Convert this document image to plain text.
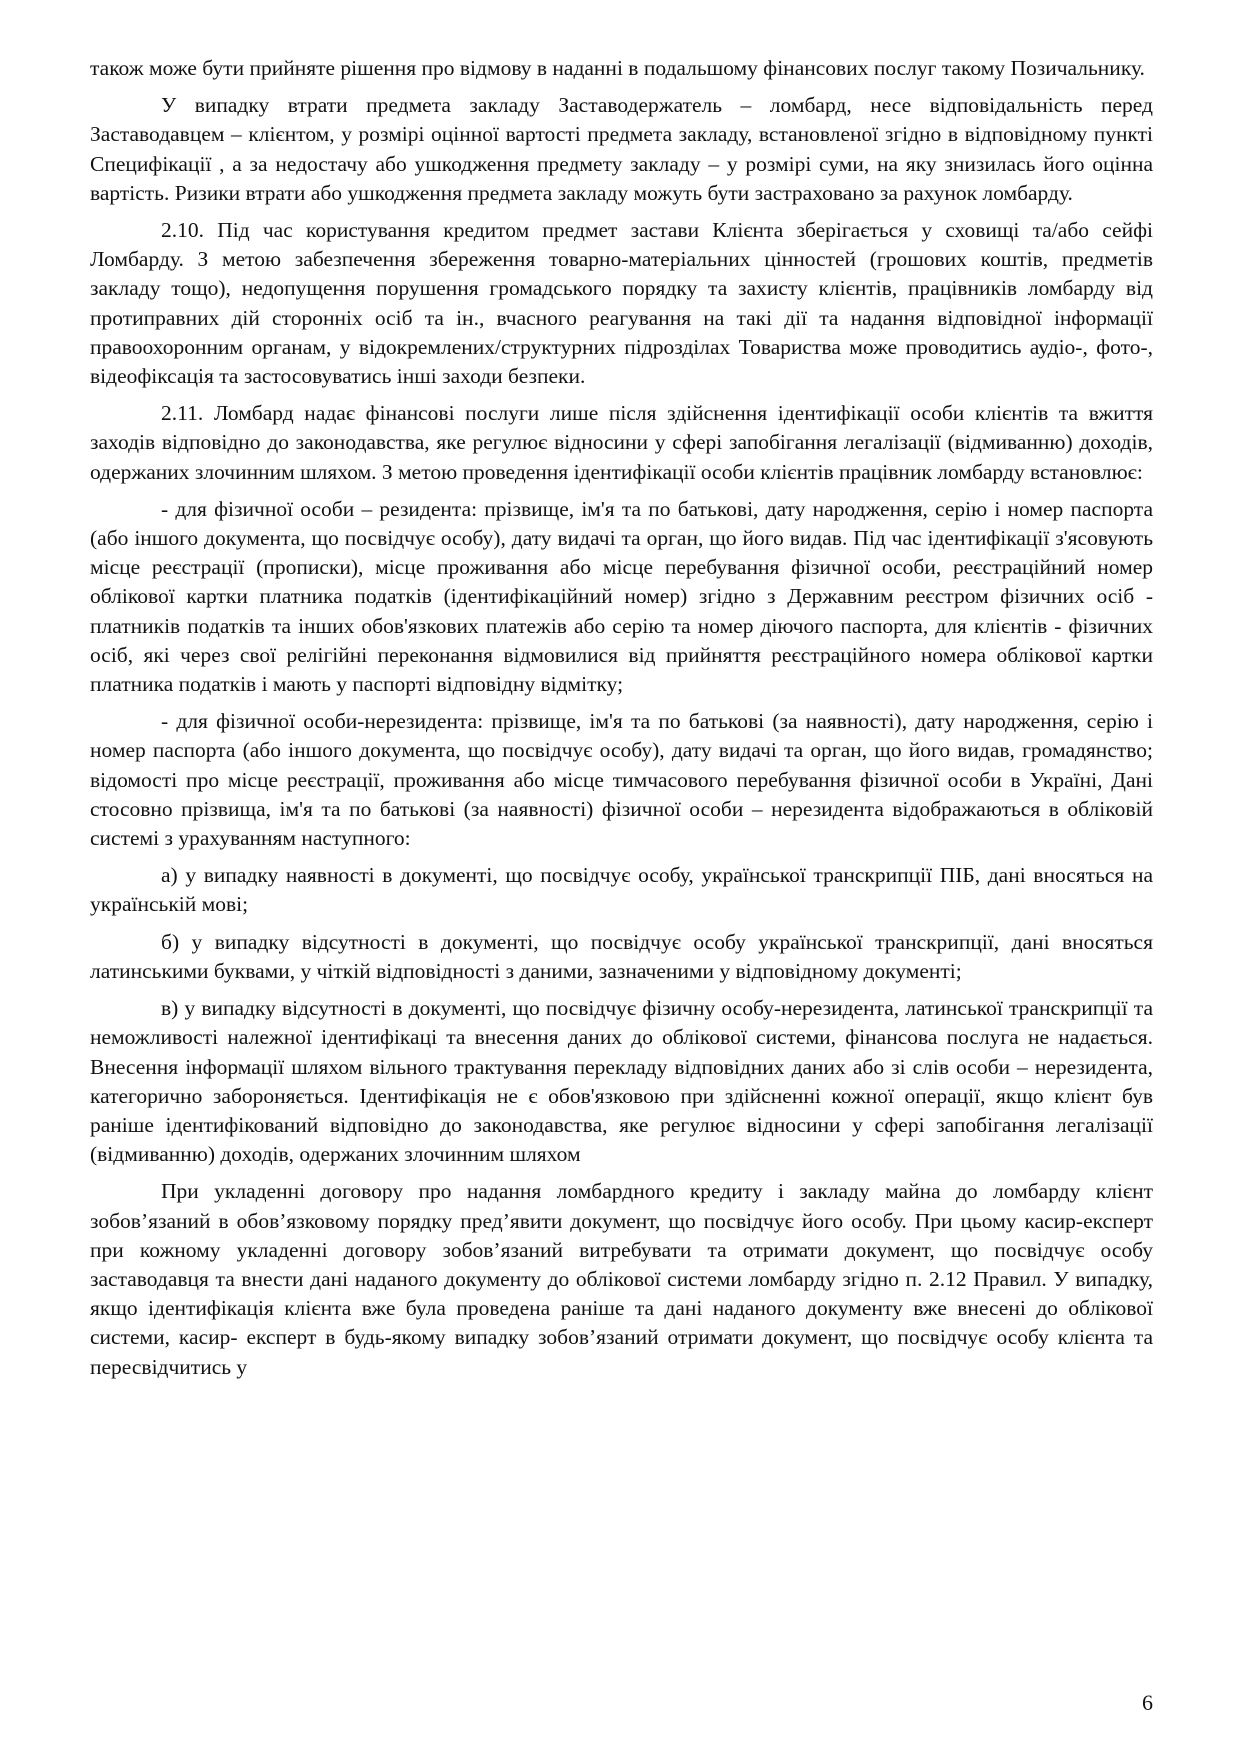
також може бути прийняте рішення про відмову в наданні в подальшому фінансових послуг такому Позичальнику.

У випадку втрати предмета закладу Заставодержатель – ломбард, несе відповідальність перед Заставодавцем – клієнтом, у розмірі оцінної вартості предмета закладу, встановленої згідно в відповідному пункті Специфікації , а за недостачу або ушкодження предмету закладу – у розмірі суми, на яку знизилась його оцінна вартість. Ризики втрати або ушкодження предмета закладу можуть бути застраховано за рахунок ломбарду.

2.10. Під час користування кредитом предмет застави Клієнта зберігається у сховищі та/або сейфі Ломбарду. З метою забезпечення збереження товарно-матеріальних цінностей (грошових коштів, предметів закладу тощо), недопущення порушення громадського порядку та захисту клієнтів, працівників ломбарду від протиправних дій сторонніх осіб та ін., вчасного реагування на такі дії та надання відповідної інформації правоохоронним органам, у відокремлених/структурних підрозділах Товариства може проводитись аудіо-, фото-, відеофіксація та застосовуватись інші заходи безпеки.

2.11. Ломбард надає фінансові послуги лише після здійснення ідентифікації особи клієнтів та вжиття заходів відповідно до законодавства, яке регулює відносини у сфері запобігання легалізації (відмиванню) доходів, одержаних злочинним шляхом. З метою проведення ідентифікації особи клієнтів працівник ломбарду встановлює:

- для фізичної особи – резидента: прізвище, ім'я та по батькові, дату народження, серію і номер паспорта (або іншого документа, що посвідчує особу), дату видачі та орган, що його видав. Під час ідентифікації з'ясовують місце реєстрації (прописки), місце проживання або місце перебування фізичної особи, реєстраційний номер облікової картки платника податків (ідентифікаційний номер) згідно з Державним реєстром фізичних осіб - платників податків та інших обов'язкових платежів або серію та номер діючого паспорта, для клієнтів - фізичних осіб, які через свої релігійні переконання відмовилися від прийняття реєстраційного номера облікової картки платника податків і мають у паспорті відповідну відмітку;

- для фізичної особи-нерезидента: прізвище, ім'я та по батькові (за наявності), дату народження, серію і номер паспорта (або іншого документа, що посвідчує особу), дату видачі та орган, що його видав, громадянство; відомості про місце реєстрації, проживання або місце тимчасового перебування фізичної особи в Україні, Дані стосовно прізвища, ім'я та по батькові (за наявності) фізичної особи – нерезидента відображаються в обліковій системі з урахуванням наступного:

а) у випадку наявності в документі, що посвідчує особу, української транскрипції ПІБ, дані вносяться на українській мові;

б) у випадку відсутності в документі, що посвідчує особу української транскрипції, дані вносяться латинськими буквами, у чіткій відповідності з даними, зазначеними у відповідному документі;

в) у випадку відсутності в документі, що посвідчує фізичну особу-нерезидента, латинської транскрипції та неможливості належної ідентифікаці та внесення даних до облікової системи, фінансова послуга не надається. Внесення інформації шляхом вільного трактування перекладу відповідних даних або зі слів особи – нерезидента, категорично забороняється. Ідентифікація не є обов'язковою при здійсненні кожної операції, якщо клієнт був раніше ідентифікований відповідно до законодавства, яке регулює відносини у сфері запобігання легалізації (відмиванню) доходів, одержаних злочинним шляхом

При укладенні договору про надання ломбардного кредиту і закладу майна до ломбарду клієнт зобов’язаний в обов’язковому порядку пред’явити документ, що посвідчує його особу. При цьому касир-експерт при кожному укладенні договору зобов’язаний витребувати та отримати документ, що посвідчує особу заставодавця та внести дані наданого документу до облікової системи ломбарду згідно п. 2.12 Правил. У випадку, якщо ідентифікація клієнта вже була проведена раніше та дані наданого документу вже внесені до облікової системи, касир- експерт в будь-якому випадку зобов’язаний отримати документ, що посвідчує особу клієнта та пересвідчитись у

6
